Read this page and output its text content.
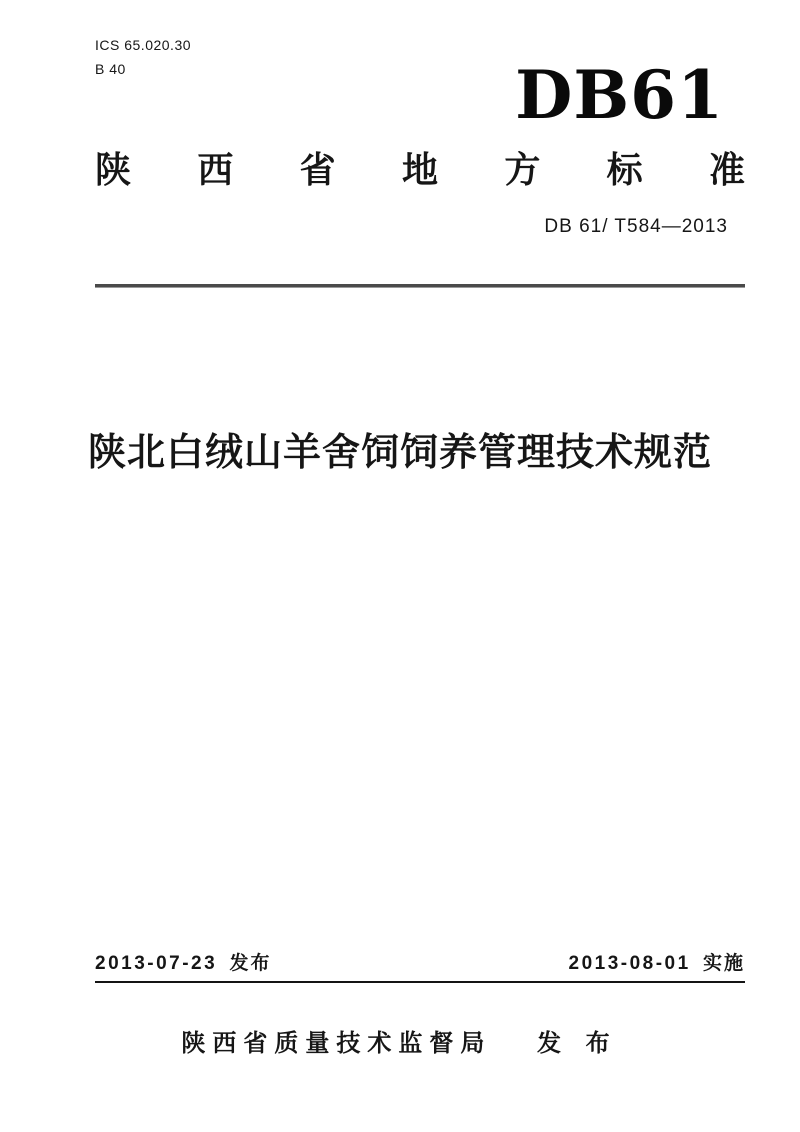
ICS 65.020.30
B 40	DB61
陕 西 省 地 方 标 准
DB 61/ T584—2013
陕北白绒山羊舍饲饲养管理技术规范
2013-07-23 发布	2013-08-01 实施
陕西省质量技术监督局 发 布
